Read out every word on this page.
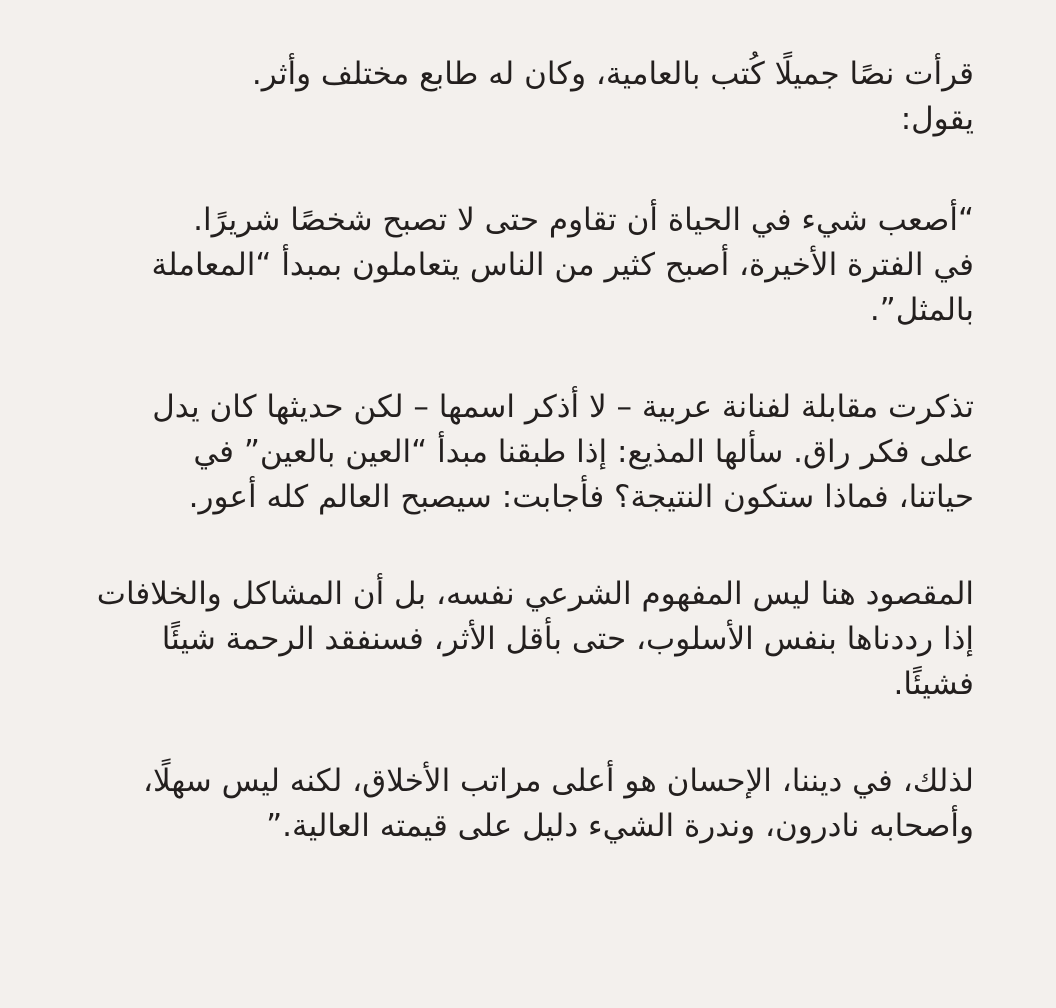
قرأت نصًا جميلًا كُتب بالعامية، وكان له طابع مختلف وأثر.
يقول:

“أصعب شيء في الحياة أن تقاوم حتى لا تصبح شخصًا شريرًا.
في الفترة الأخيرة، أصبح كثير من الناس يتعاملون بمبدأ “المعاملة
بالمثل”.

تذكرت مقابلة لفنانة عربية – لا أذكر اسمها – لكن حديثها كان يدل
على فكر راق. سألها المذيع: إذا طبقنا مبدأ “العين بالعين” في
حياتنا، فماذا ستكون النتيجة؟ فأجابت: سيصبح العالم كله أعور.

المقصود هنا ليس المفهوم الشرعي نفسه، بل أن المشاكل والخلافات
إذا رددناها بنفس الأسلوب، حتى بأقل الأثر، فسنفقد الرحمة شيئًا
فشيئًا.

لذلك، في ديننا، الإحسان هو أعلى مراتب الأخلاق، لكنه ليس سهلًا،
وأصحابه نادرون، وندرة الشيء دليل على قيمته العالية.”
